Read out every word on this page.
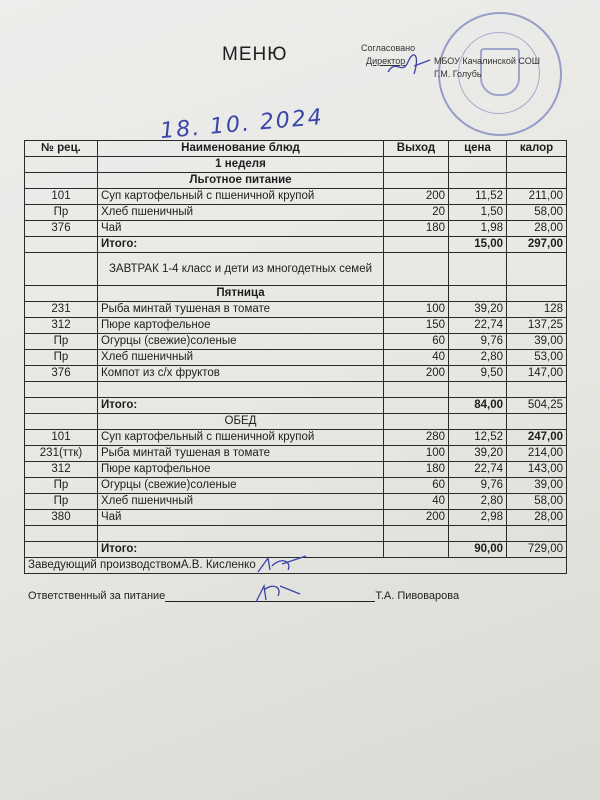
МЕНЮ	Согласовано
Директор	МБОУ Качалинской СОШ
Г.М. Голубь
18. 10. 2024
№ рец.	Наименование блюд	Выход	цена	калор
	1 неделя			
	Льготное питание			
101	Суп картофельный с пшеничной крупой	200	11,52	211,00
Пр	Хлеб пшеничный	20	1,50	58,00
376	Чай	180	1,98	28,00
	Итого:		15,00	297,00
	ЗАВТРАК 1-4 класс и дети из многодетных семей			
	Пятница			
231	Рыба минтай тушеная в томате	100	39,20	128
312	Пюре картофельное	150	22,74	137,25
Пр	Огурцы (свежие)соленые	60	9,76	39,00
Пр	Хлеб пшеничный	40	2,80	53,00
376	Компот из с/х фруктов	200	9,50	147,00

	Итого:		84,00	504,25
	ОБЕД			
101	Суп картофельный с пшеничной крупой	280	12,52	247,00
231(ттк)	Рыба минтай тушеная в томате	100	39,20	214,00
312	Пюре картофельное	180	22,74	143,00
Пр	Огурцы (свежие)соленые	60	9,76	39,00
Пр	Хлеб пшеничный	40	2,80	58,00
380	Чай	200	2,98	28,00

	Итого:		90,00	729,00
Заведующий производствомА.В. Кисленко				
Ответственный за питание	Т.А. Пивоварова
